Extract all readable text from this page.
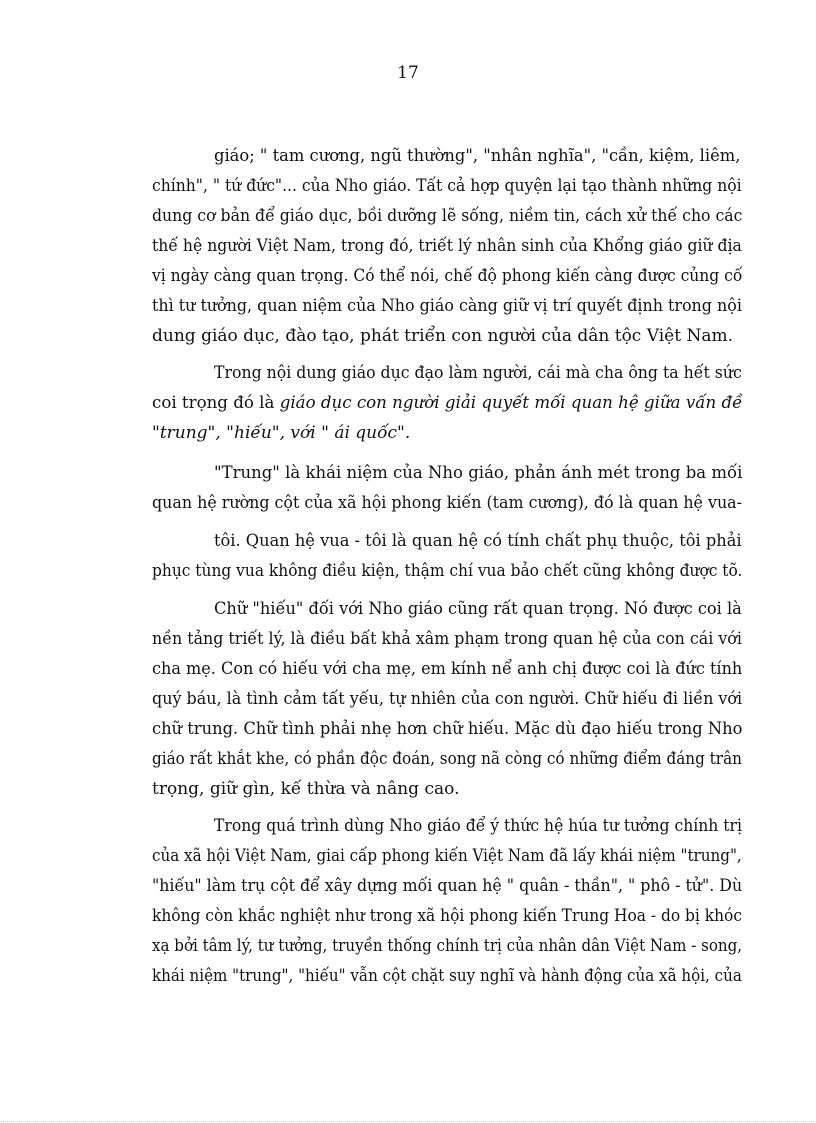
17
giáo; " tam cương, ngũ thường", "nhân nghĩa", "cần, kiệm, liêm,
chính", " tứ đức"... của Nho giáo. Tất cả hợp quyện lại tạo thành những nội
dung cơ bản để giáo dục, bồi dưỡng lẽ sống, niềm tin, cách xử thế cho các
thế hệ người Việt Nam, trong đó, triết lý nhân sinh của Khổng giáo giữ địa
vị ngày càng quan trọng. Có thể nói, chế độ phong kiến càng được củng cố
thì tư tưởng, quan niệm của Nho giáo càng giữ vị trí quyết định trong nội
dung giáo dục, đào tạo, phát triển con người của dân tộc Việt Nam.
Trong nội dung giáo dục đạo làm người, cái mà cha ông ta hết sức
coi trọng đó là giáo dục con người giải quyết mối quan hệ giữa vấn đề
"trung", "hiếu", với " ái quốc".
"Trung" là khái niệm của Nho giáo, phản ánh mét trong ba mối
quan hệ rường cột của xã hội phong kiến (tam cương), đó là quan hệ vua-
tôi. Quan hệ vua - tôi là quan hệ có tính chất phụ thuộc, tôi phải
phục tùng vua không điều kiện, thậm chí vua bảo chết cũng không được tõ.
Chữ "hiếu" đối với Nho giáo cũng rất quan trọng. Nó được coi là
nền tảng triết lý, là điều bất khả xâm phạm trong quan hệ của con cái với
cha mẹ. Con có hiếu với cha mẹ, em kính nể anh chị được coi là đức tính
quý báu, là tình cảm tất yếu, tự nhiên của con người. Chữ hiếu đi liền với
chữ trung. Chữ tình phải nhẹ hơn chữ hiếu. Mặc dù đạo hiếu trong Nho
giáo rất khắt khe, có phần độc đoán, song nã còng có những điểm đáng trân
trọng, giữ gìn, kế thừa và nâng cao.
Trong quá trình dùng Nho giáo để ý thức hệ húa tư tưởng chính trị
của xã hội Việt Nam, giai cấp phong kiến Việt Nam đã lấy khái niệm "trung",
"hiếu" làm trụ cột để xây dựng mối quan hệ " quân - thần", " phô - tử". Dù
không còn khắc nghiệt như trong xã hội phong kiến Trung Hoa - do bị khóc
xạ bởi tâm lý, tư tưởng, truyền thống chính trị của nhân dân Việt Nam - song,
khái niệm "trung", "hiếu" vẫn cột chặt suy nghĩ và hành động của xã hội, của
